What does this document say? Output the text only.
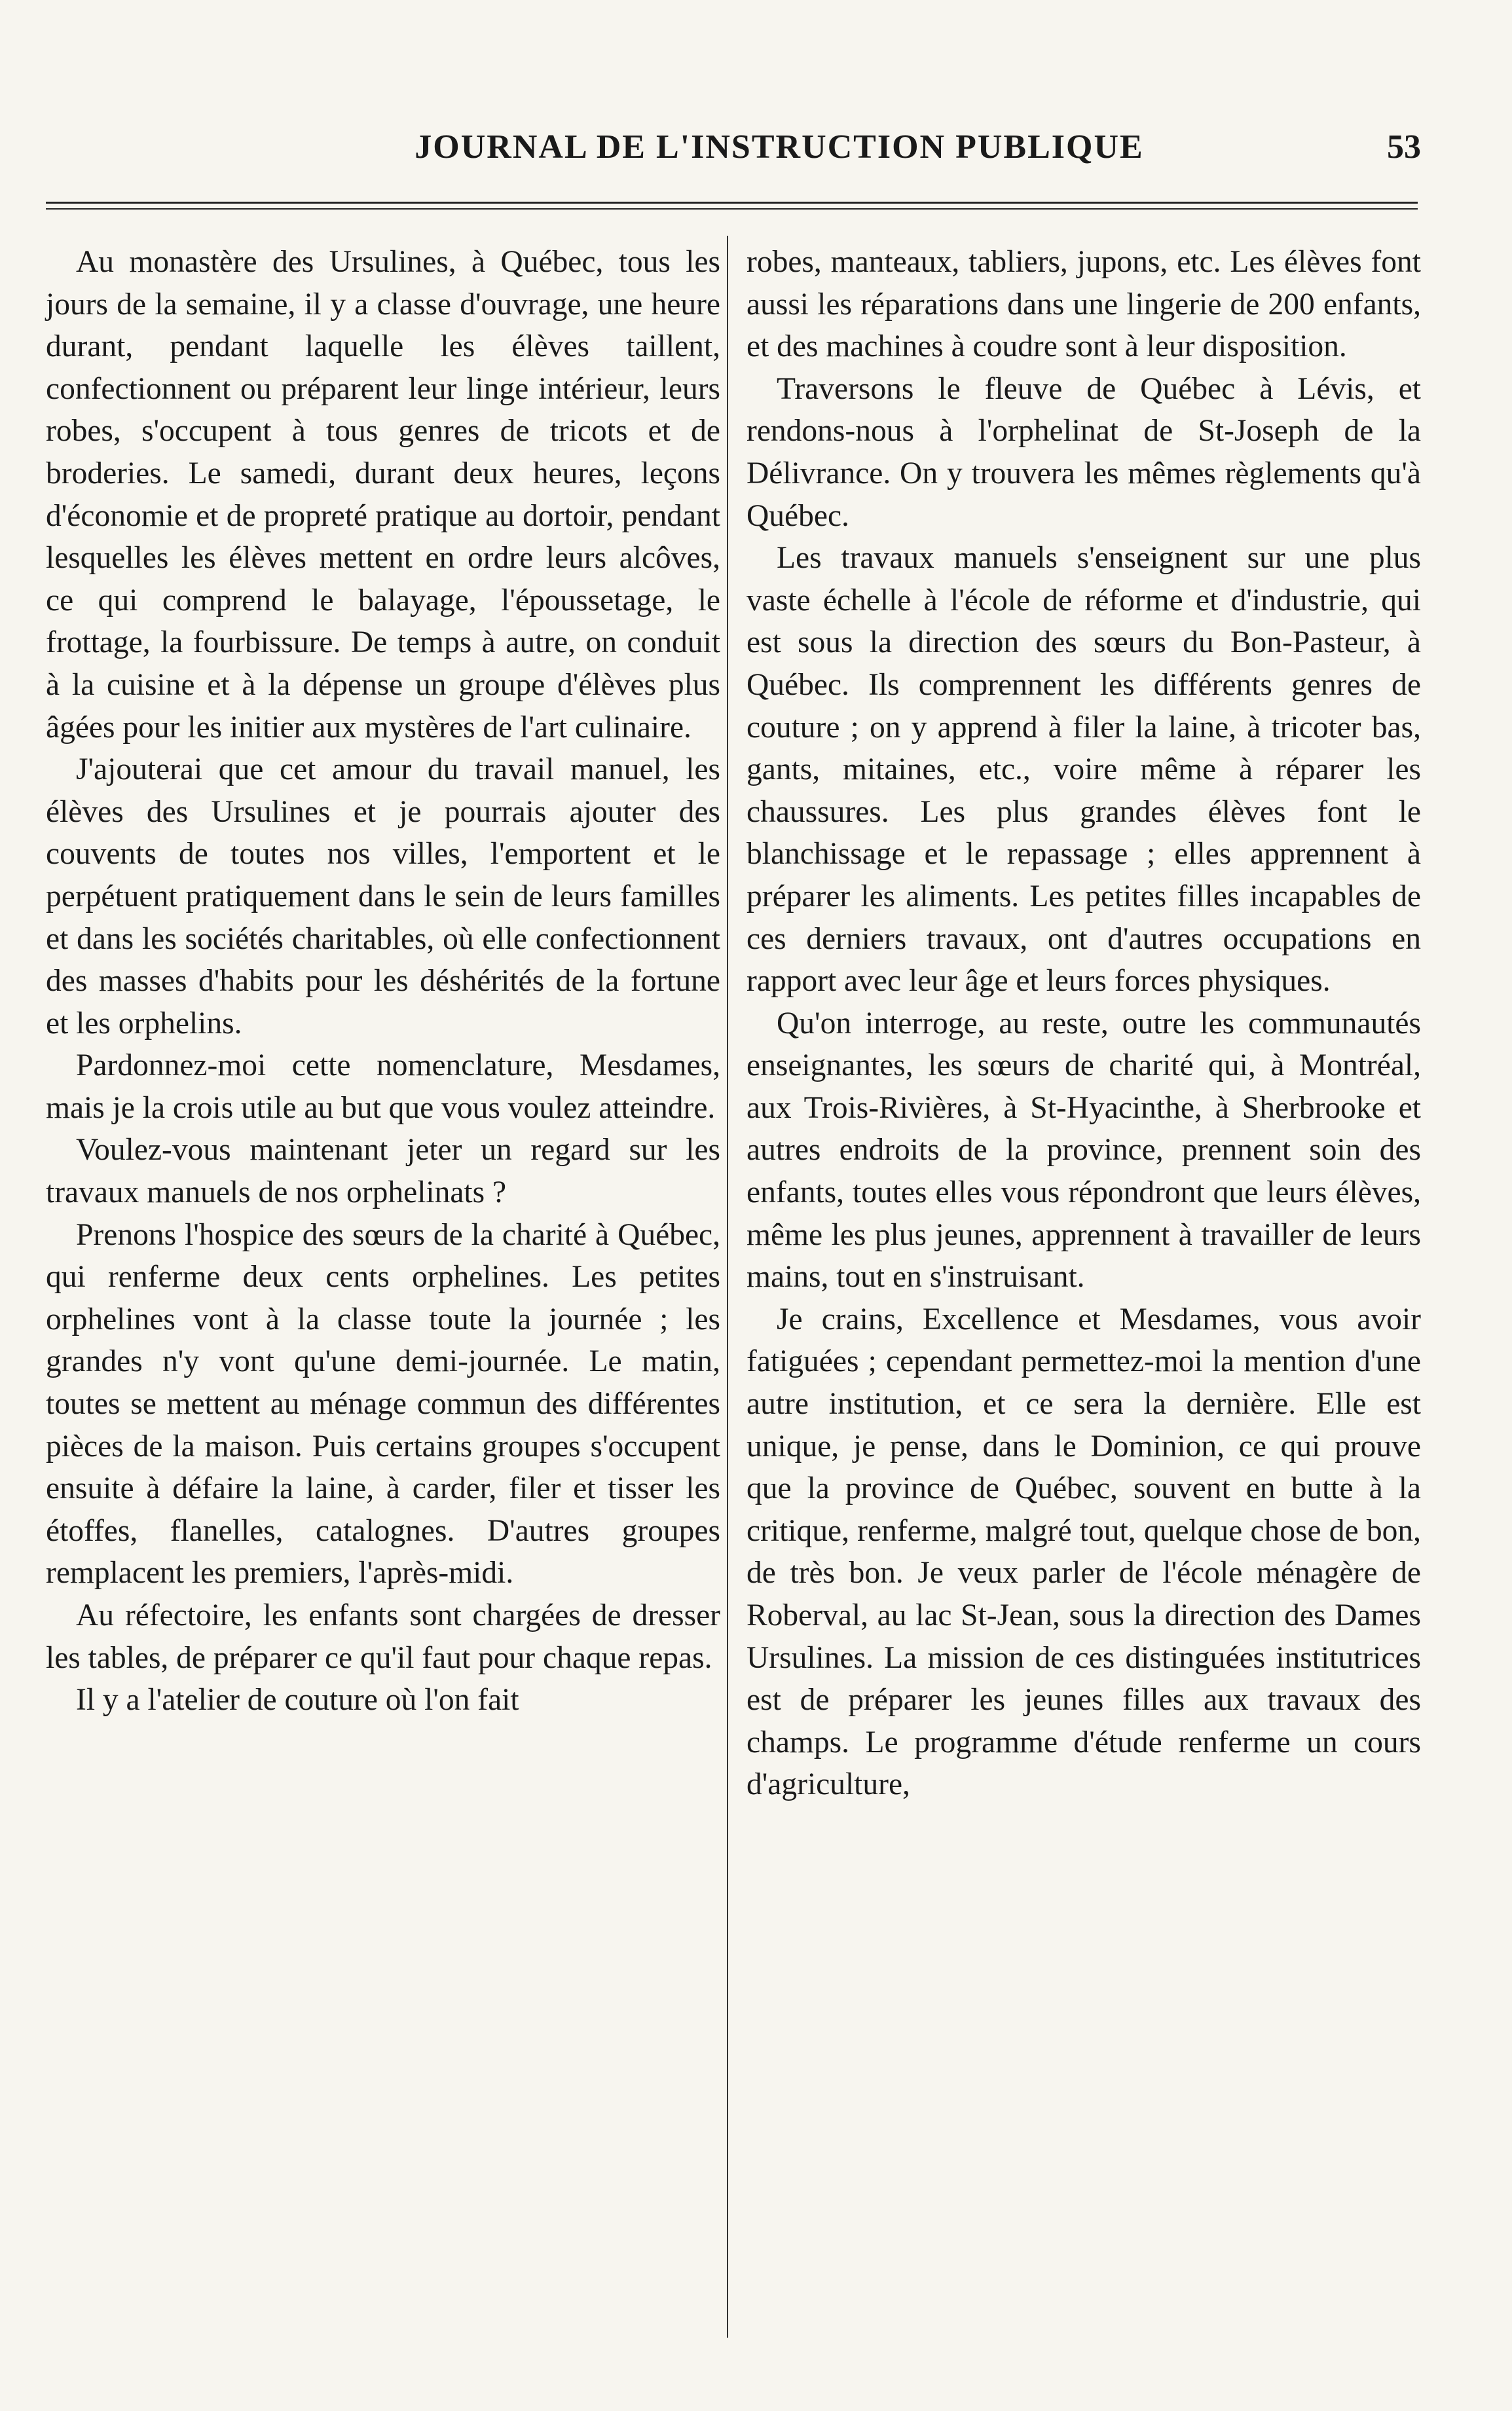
JOURNAL DE L'INSTRUCTION PUBLIQUE	53

Au monastère des Ursulines, à Québec, tous les jours de la semaine, il y a classe d'ouvrage, une heure durant, pendant laquelle les élèves taillent, confectionnent ou préparent leur linge intérieur, leurs robes, s'occupent à tous genres de tricots et de broderies. Le samedi, durant deux heures, leçons d'économie et de propreté pratique au dortoir, pendant lesquelles les élèves mettent en ordre leurs alcôves, ce qui comprend le balayage, l'époussetage, le frottage, la fourbissure. De temps à autre, on conduit à la cuisine et à la dépense un groupe d'élèves plus âgées pour les initier aux mystères de l'art culinaire.

J'ajouterai que cet amour du travail manuel, les élèves des Ursulines et je pourrais ajouter des couvents de toutes nos villes, l'emportent et le perpétuent pratiquement dans le sein de leurs familles et dans les sociétés charitables, où elle confectionnent des masses d'habits pour les déshérités de la fortune et les orphelins.

Pardonnez-moi cette nomenclature, Mesdames, mais je la crois utile au but que vous voulez atteindre.

Voulez-vous maintenant jeter un regard sur les travaux manuels de nos orphelinats ?

Prenons l'hospice des sœurs de la charité à Québec, qui renferme deux cents orphelines. Les petites orphelines vont à la classe toute la journée ; les grandes n'y vont qu'une demi-journée. Le matin, toutes se mettent au ménage commun des différentes pièces de la maison. Puis certains groupes s'occupent ensuite à défaire la laine, à carder, filer et tisser les étoffes, flanelles, catalognes. D'autres groupes remplacent les premiers, l'après-midi.

Au réfectoire, les enfants sont chargées de dresser les tables, de préparer ce qu'il faut pour chaque repas.

Il y a l'atelier de couture où l'on fait

robes, manteaux, tabliers, jupons, etc. Les élèves font aussi les réparations dans une lingerie de 200 enfants, et des machines à coudre sont à leur disposition.

Traversons le fleuve de Québec à Lévis, et rendons-nous à l'orphelinat de St-Joseph de la Délivrance. On y trouvera les mêmes règlements qu'à Québec.

Les travaux manuels s'enseignent sur une plus vaste échelle à l'école de réforme et d'industrie, qui est sous la direction des sœurs du Bon-Pasteur, à Québec. Ils comprennent les différents genres de couture ; on y apprend à filer la laine, à tricoter bas, gants, mitaines, etc., voire même à réparer les chaussures. Les plus grandes élèves font le blanchissage et le repassage ; elles apprennent à préparer les aliments. Les petites filles incapables de ces derniers travaux, ont d'autres occupations en rapport avec leur âge et leurs forces physiques.

Qu'on interroge, au reste, outre les communautés enseignantes, les sœurs de charité qui, à Montréal, aux Trois-Rivières, à St-Hyacinthe, à Sherbrooke et autres endroits de la province, prennent soin des enfants, toutes elles vous répondront que leurs élèves, même les plus jeunes, apprennent à travailler de leurs mains, tout en s'instruisant.

Je crains, Excellence et Mesdames, vous avoir fatiguées ; cependant permettez-moi la mention d'une autre institution, et ce sera la dernière. Elle est unique, je pense, dans le Dominion, ce qui prouve que la province de Québec, souvent en butte à la critique, renferme, malgré tout, quelque chose de bon, de très bon. Je veux parler de l'école ménagère de Roberval, au lac St-Jean, sous la direction des Dames Ursulines. La mission de ces distinguées institutrices est de préparer les jeunes filles aux travaux des champs. Le programme d'étude renferme un cours d'agriculture,
